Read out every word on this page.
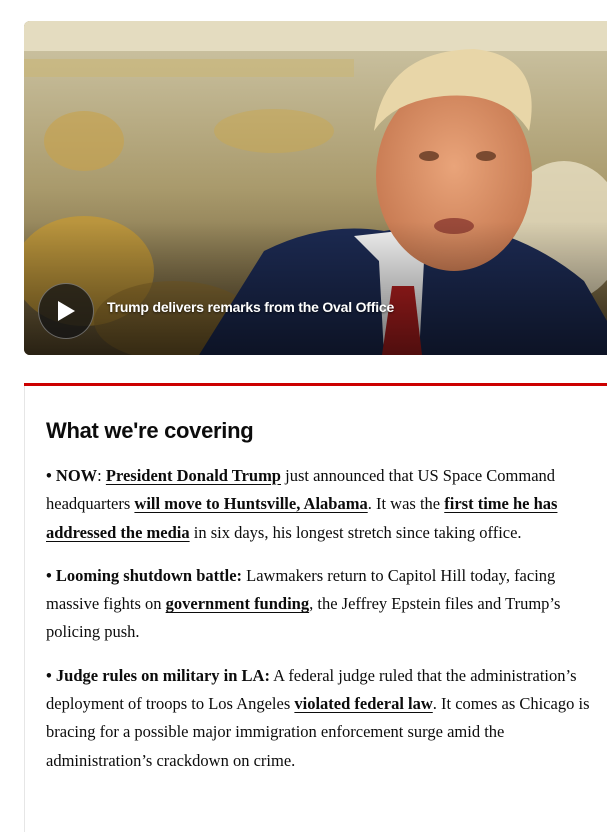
Trump delivers remarks from the Oval Office
What we're covering

• NOW: President Donald Trump just announced that US Space Command headquarters will move to Huntsville, Alabama. It was the first time he has addressed the media in six days, his longest stretch since taking office.

• Looming shutdown battle: Lawmakers return to Capitol Hill today, facing massive fights on government funding, the Jeffrey Epstein files and Trump’s policing push.

• Judge rules on military in LA: A federal judge ruled that the administration’s deployment of troops to Los Angeles violated federal law. It comes as Chicago is bracing for a possible major immigration enforcement surge amid the administration’s crackdown on crime.
